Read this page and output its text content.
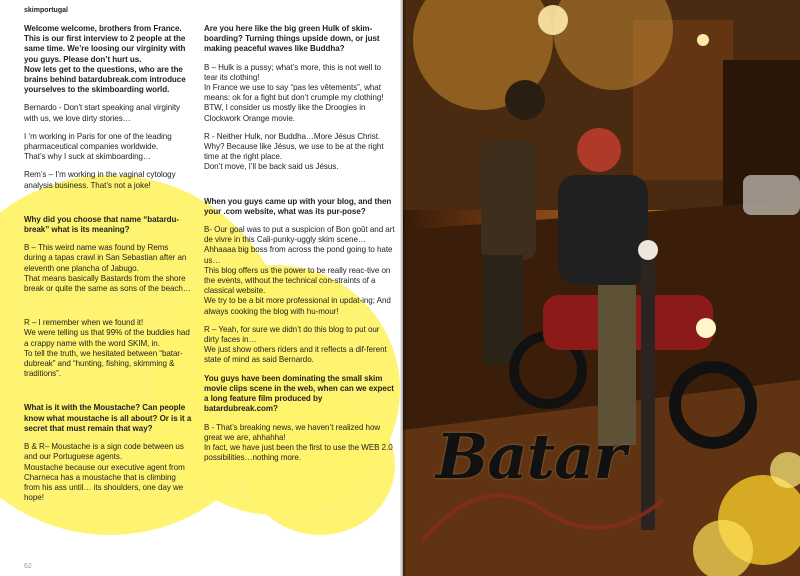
skimportugal

Welcome welcome, brothers from France. This is our first interview to 2 people at the same time. We’re loosing our virginity with you guys. Please don’t hurt us.
Now lets get to the questions, who are the brains behind batardubreak.com introduce yourselves to the skimboarding world.

Bernardo - Don’t start speaking anal virginity with us, we love dirty stories…

I ‘m working in Paris for one of the leading pharmaceutical companies worldwide.
That’s why I suck at skimboarding…

Rem’s – I’m working in the vaginal cytology analysis business. That’s not a joke!

Why did you choose that name “batardu-break” what is its meaning?

B – This weird name was found by Rems during a tapas crawl in San Sebastian after an eleventh one plancha of Jabugo.
That means basically Bastards from the shore break or quite the same as sons of the beach…

R – I remember when we found it!
We were telling us that 99% of the buddies had a crappy name with the word SKIM, in.
To tell the truth, we hesitated between “batar-dubreak” and “hunting, fishing, skimming & traditions”.

What is it with the Moustache? Can people know what moustache is all about? Or is it a secret that must remain that way?

B & R– Moustache is a sign code between us and our Portuguese agents.
Moustache because our executive agent from Charneca has a moustache that is climbing from his ass until… its shoulders, one day we hope!

Are you here like the big green Hulk of skim-boarding? Turning things upside down, or just making peaceful waves like Buddha?

B – Hulk is a pussy; what’s more, this is not well to tear its clothing!
In France we use to say “pas les vêtements”, what means: ok for a fight but don’t crumple my clothing!
BTW, I consider us mostly like the Droogies in Clockwork Orange movie.

R - Neither Hulk, nor Buddha…More Jésus Christ.
Why? Because like Jésus, we use to be at the right time at the right place.
Don’t move, I’ll be back said us Jésus.

When you guys came up with your blog, and then your .com website, what was its pur-pose?

B- Our goal was to put a suspicion of Bon goût and art de vivre in this Cali-punky-uggly skim scene…
Ahhaaaa big boss from across the pond going to hate us…
This blog offers us the power to be really reac-tive on the events, without the technical con-straints of a classical website.
We try to be a bit more professional in updat-ing; And always cooking the blog with hu-mour!

R – Yeah, for sure we didn’t do this blog to put our dirty faces in…
We just show others riders and it reflects a dif-ferent state of mind as said Bernardo.

You guys have been dominating the small skim movie clips scene in the web, when can we expect a long feature film produced by batardubreak.com?

B - That’s breaking news, we haven’t realized how great we are, ahhahha!
In fact, we have just been the first to use the WEB 2.0 possibilities…nothing more.

62
Batar
